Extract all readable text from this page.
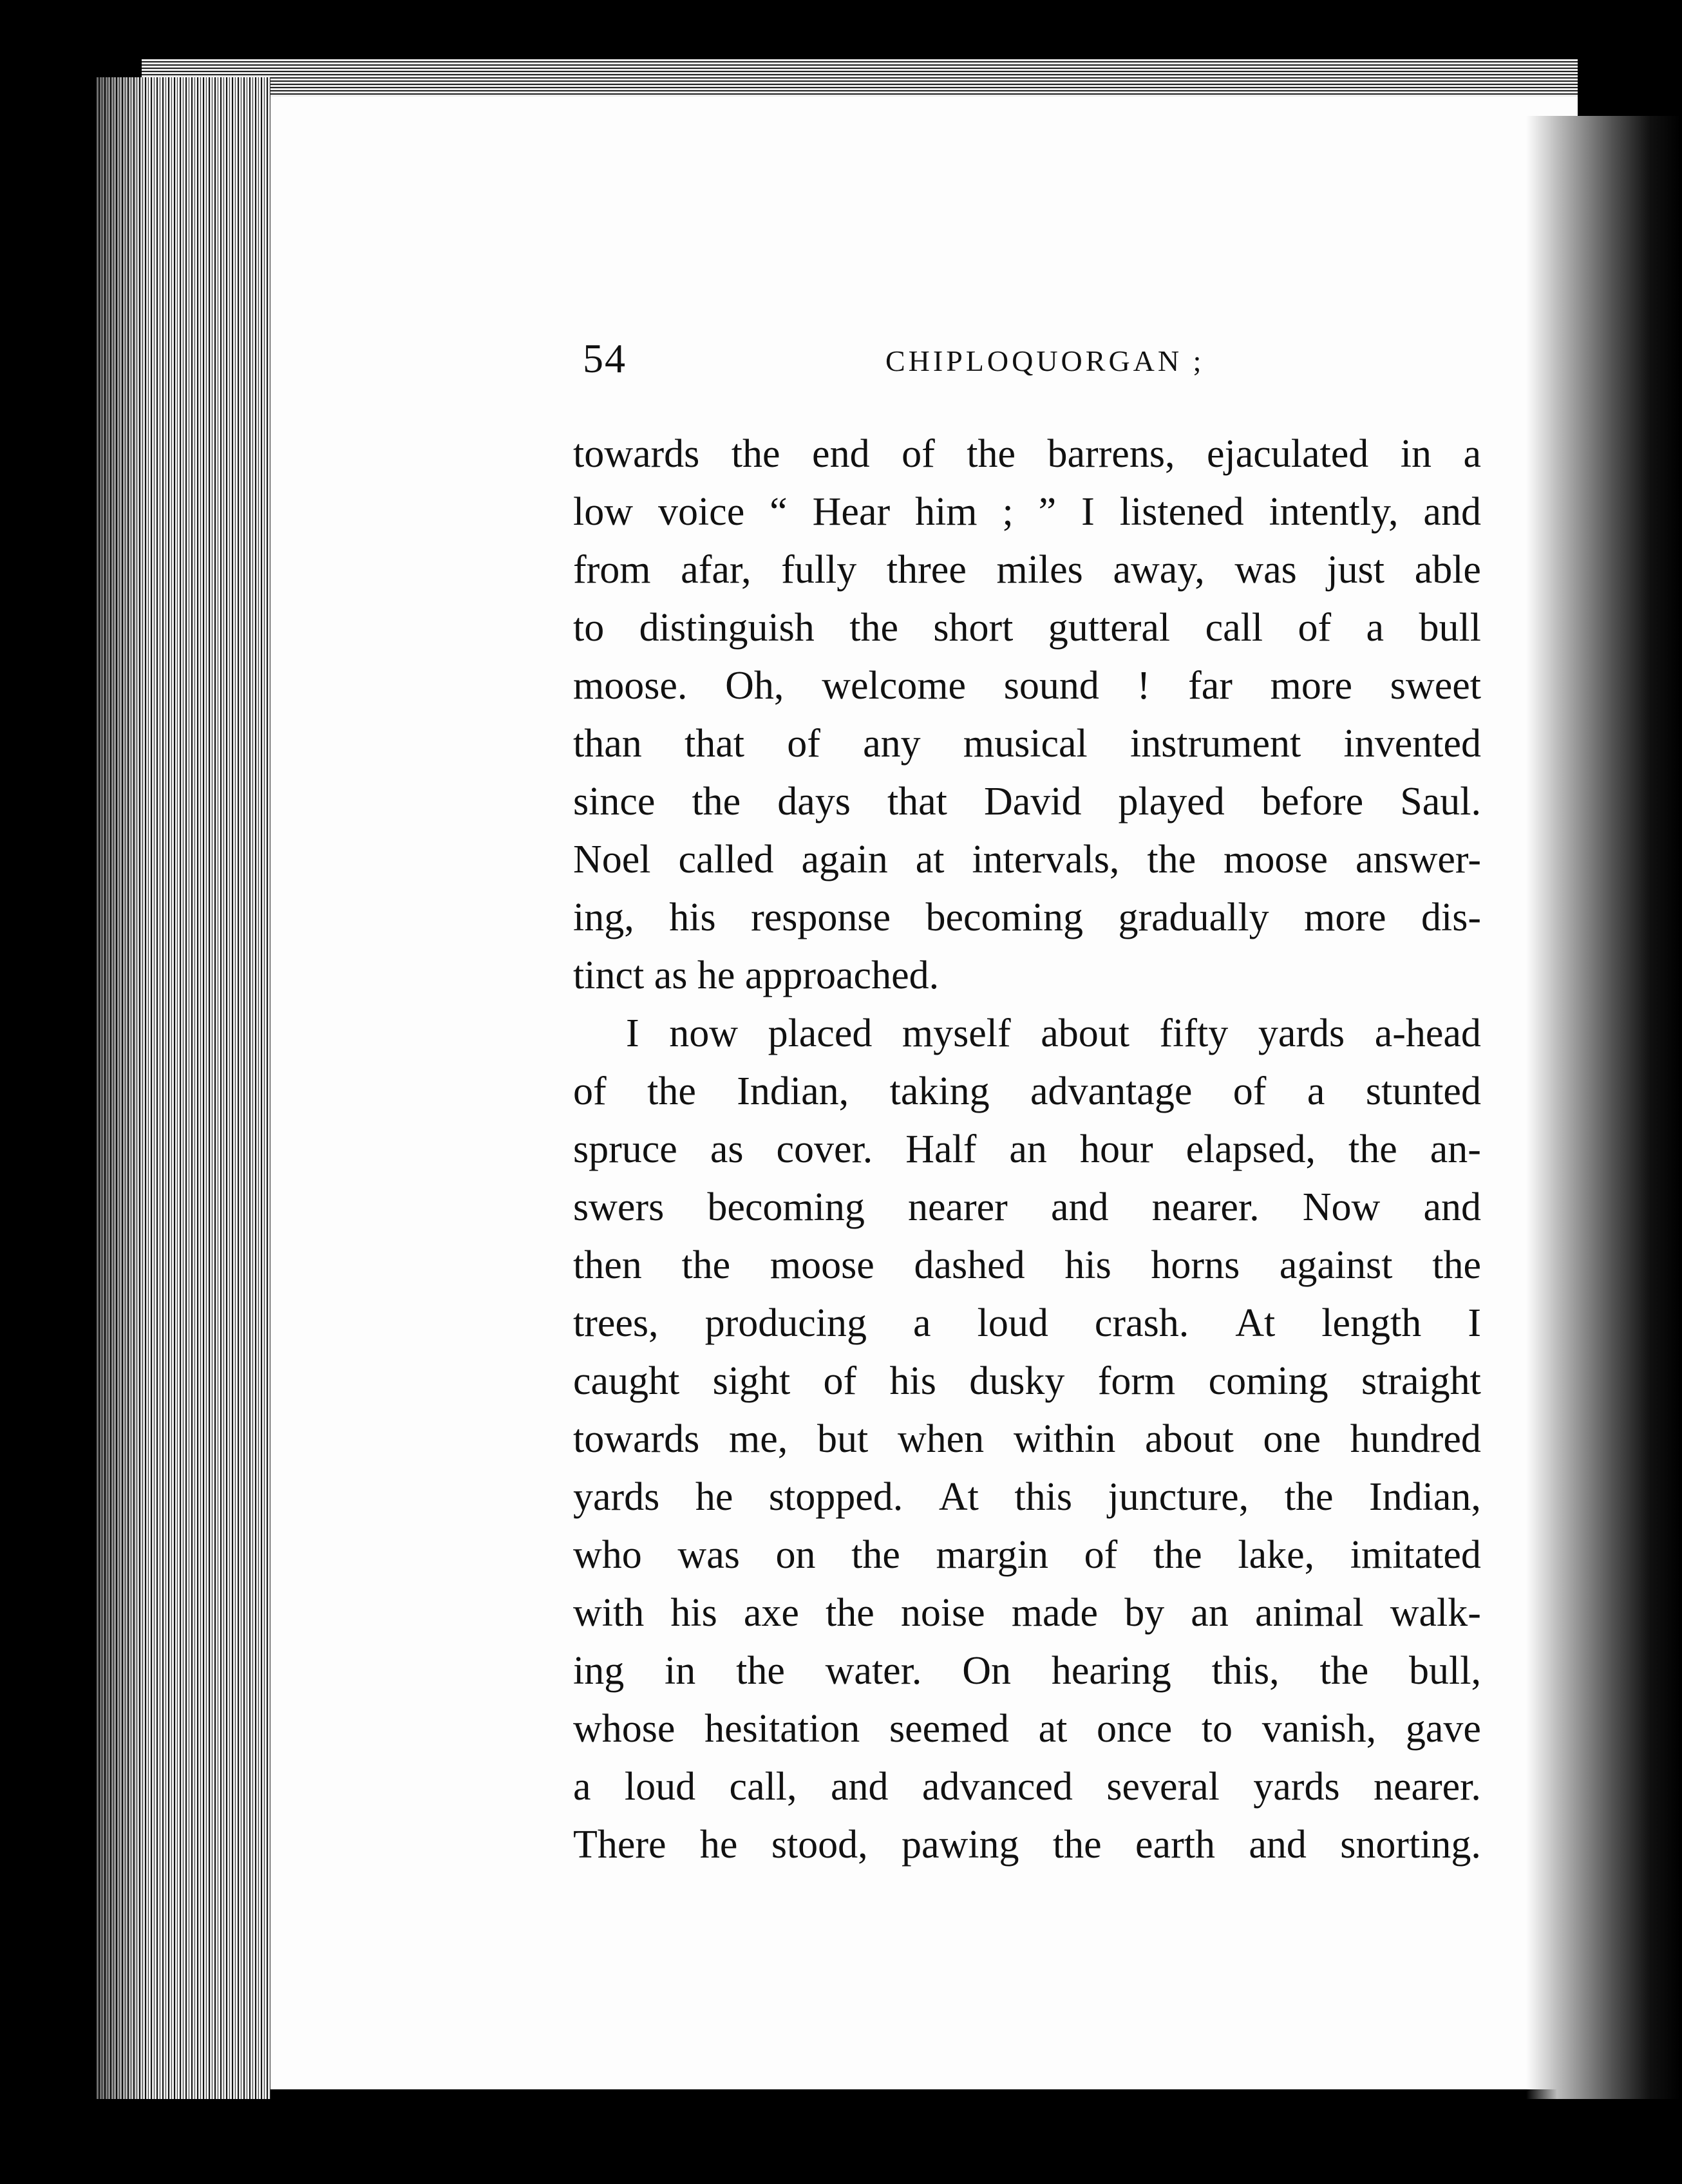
54	CHIPLOQUORGAN ;
towards the end of the barrens, ejaculated in a
low voice “ Hear him ; ” I listened intently, and
from afar, fully three miles away, was just able
to distinguish the short gutteral call of a bull
moose. Oh, welcome sound ! far more sweet
than that of any musical instrument invented
since the days that David played before Saul.
Noel called again at intervals, the moose answer-
ing, his response becoming gradually more dis-
tinct as he approached.
I now placed myself about fifty yards a-head
of the Indian, taking advantage of a stunted
spruce as cover. Half an hour elapsed, the an-
swers becoming nearer and nearer. Now and
then the moose dashed his horns against the
trees, producing a loud crash. At length I
caught sight of his dusky form coming straight
towards me, but when within about one hundred
yards he stopped. At this juncture, the Indian,
who was on the margin of the lake, imitated
with his axe the noise made by an animal walk-
ing in the water. On hearing this, the bull,
whose hesitation seemed at once to vanish, gave
a loud call, and advanced several yards nearer.
There he stood, pawing the earth and snorting.
